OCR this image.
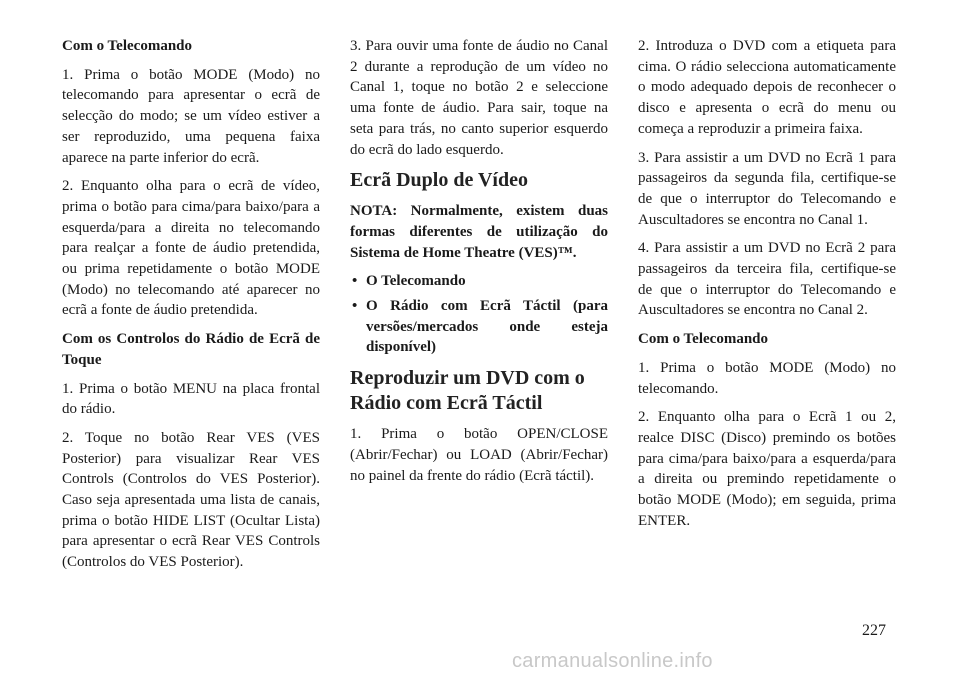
Com o Telecomando

1. Prima o botão MODE (Modo) no telecomando para apresentar o ecrã de selecção do modo; se um vídeo estiver a ser reproduzido, uma pequena faixa aparece na parte inferior do ecrã.

2. Enquanto olha para o ecrã de vídeo, prima o botão para cima/para baixo/para a esquerda/para a direita no telecomando para realçar a fonte de áudio pretendida, ou prima repetidamente o botão MODE (Modo) no telecomando até aparecer no ecrã a fonte de áudio pretendida.

Com os Controlos do Rádio de Ecrã de Toque

1. Prima o botão MENU na placa frontal do rádio.

2. Toque no botão Rear VES (VES Posterior) para visualizar Rear VES Controls (Controlos do VES Posterior). Caso seja apresentada uma lista de canais, prima o botão HIDE LIST (Ocultar Lista) para apresentar o ecrã Rear VES Controls (Controlos do VES Posterior).

3. Para ouvir uma fonte de áudio no Canal 2 durante a reprodução de um vídeo no Canal 1, toque no botão 2 e seleccione uma fonte de áudio. Para sair, toque na seta para trás, no canto superior esquerdo do ecrã do lado esquerdo.

Ecrã Duplo de Vídeo

NOTA: Normalmente, existem duas formas diferentes de utilização do Sistema de Home Theatre (VES)™.

• O Telecomando
• O Rádio com Ecrã Táctil (para versões/mercados onde esteja disponível)
Reproduzir um DVD com o Rádio com Ecrã Táctil

1. Prima o botão OPEN/CLOSE (Abrir/Fechar) ou LOAD (Abrir/Fechar) no painel da frente do rádio (Ecrã táctil).

2. Introduza o DVD com a etiqueta para cima. O rádio selecciona automaticamente o modo adequado depois de reconhecer o disco e apresenta o ecrã do menu ou começa a reproduzir a primeira faixa.

3. Para assistir a um DVD no Ecrã 1 para passageiros da segunda fila, certifique-se de que o interruptor do Telecomando e Auscultadores se encontra no Canal 1.

4. Para assistir a um DVD no Ecrã 2 para passageiros da terceira fila, certifique-se de que o interruptor do Telecomando e Auscultadores se encontra no Canal 2.

Com o Telecomando

1. Prima o botão MODE (Modo) no telecomando.

2. Enquanto olha para o Ecrã 1 ou 2, realce DISC (Disco) premindo os botões para cima/para baixo/para a esquerda/para a direita ou premindo repetidamente o botão MODE (Modo); em seguida, prima ENTER.

227
carmanualsonline.info
